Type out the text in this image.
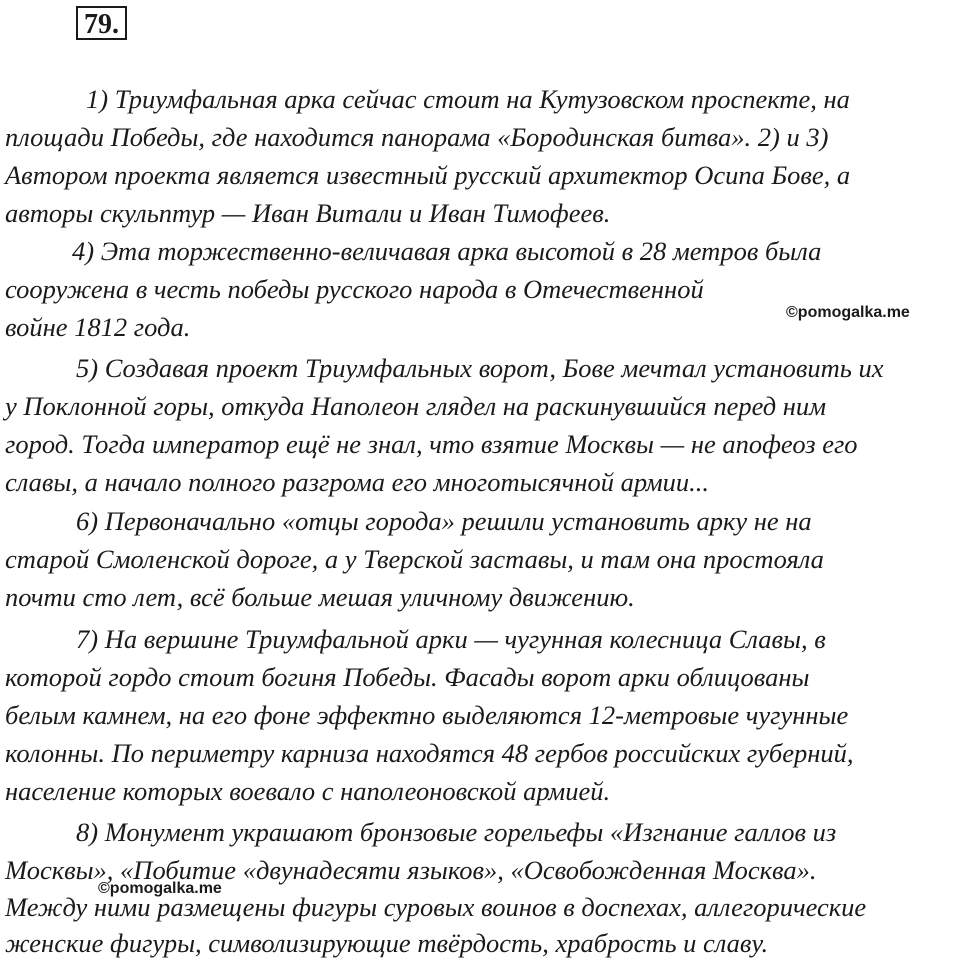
79.
1) Триумфальная арка сейчас стоит на Кутузовском проспекте, на
площади Победы, где находится панорама «Бородинская битва». 2) и 3)
Автором проекта является известный русский архитектор Осипа Бове, а
авторы скульптур — Иван Витали и Иван Тимофеев.
4) Эта торжественно-величавая арка высотой в 28 метров была
сооружена в честь победы русского народа в Отечественной
войне 1812 года.	©pomogalka.me
5) Создавая проект Триумфальных ворот, Бове мечтал установить их
у Поклонной горы, откуда Наполеон глядел на раскинувшийся перед ним
город. Тогда император ещё не знал, что взятие Москвы — не апофеоз его
славы, а начало полного разгрома его многотысячной армии...
6) Первоначально «отцы города» решили установить арку не на
старой Смоленской дороге, а у Тверской заставы, и там она простояла
почти сто лет, всё больше мешая уличному движению.
7) На вершине Триумфальной арки — чугунная колесница Славы, в
которой гордо стоит богиня Победы. Фасады ворот арки облицованы
белым камнем, на его фоне эффектно выделяются 12-метровые чугунные
колонны. По периметру карниза находятся 48 гербов российских губерний,
население которых воевало с наполеоновской армией.
8) Монумент украшают бронзовые горельефы «Изгнание галлов из
Москвы», «Побитие «двунадесяти языков», «Освобожденная Москва».
©pomogalka.me
Между ними размещены фигуры суровых воинов в доспехах, аллегорические
женские фигуры, символизирующие твёрдость, храбрость и славу.
